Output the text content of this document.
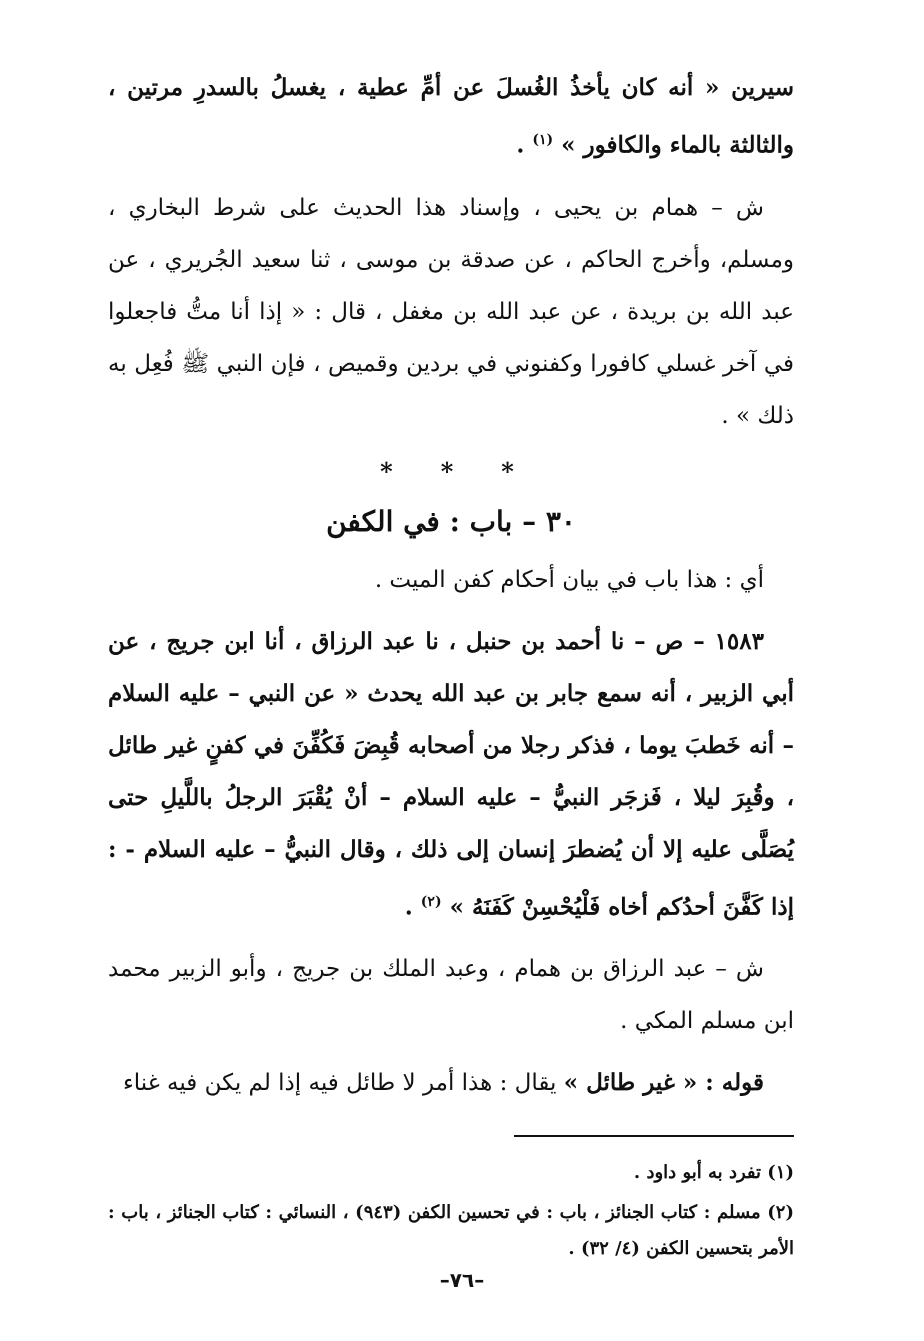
سيرين « أنه كان يأخذُ الغُسلَ عن أمِّ عطية ، يغسلُ بالسدرِ مرتين ، والثالثة بالماء والكافور » $^{(١)}$ .

ش – همام بن يحيى ، وإسناد هذا الحديث على شرط البخاري ، ومسلم، وأخرج الحاكم ، عن صدقة بن موسى ، ثنا سعيد الجُريري ، عن عبد الله بن بريدة ، عن عبد الله بن مغفل ، قال : « إذا أنا متُّ فاجعلوا في آخر غسلي كافورا وكفنوني في بردين وقميص ، فإن النبي ﷺ فُعِل به ذلك » .

***
٣٠ – باب : في الكفن

أي : هذا باب في بيان أحكام كفن الميت .

١٥٨٣ – ص – نا أحمد بن حنبل ، نا عبد الرزاق ، أنا ابن جريج ، عن أبي الزبير ، أنه سمع جابر بن عبد الله يحدث « عن النبي – عليه السلام – أنه خَطبَ يوما ، فذكر رجلا من أصحابه قُبِضَ فَكُفِّنَ في كفنٍ غير طائل ، وقُبِرَ ليلا ، فَزجَر النبيُّ – عليه السلام – أنْ يُقْبَرَ الرجلُ باللَّيلِ حتى يُصَلَّى عليه إلا أن يُضطرَ إنسان إلى ذلك ، وقال النبيُّ – عليه السلام - : إذا كَفَّنَ أحدُكم أخاه فَلْيُحْسِنْ كَفَنَهُ » $^{(٢)}$ .

ش – عبد الرزاق بن همام ، وعبد الملك بن جريج ، وأبو الزبير محمد ابن مسلم المكي .

قوله : « غير طائل » يقال : هذا أمر لا طائل فيه إذا لم يكن فيه غناء

(١) تفرد به أبو داود .

(٢) مسلم : كتاب الجنائز ، باب : في تحسين الكفن (٩٤٣) ، النسائي : كتاب الجنائز ، باب : الأمر بتحسين الكفن (٤/ ٣٢) .

–٧٦–
